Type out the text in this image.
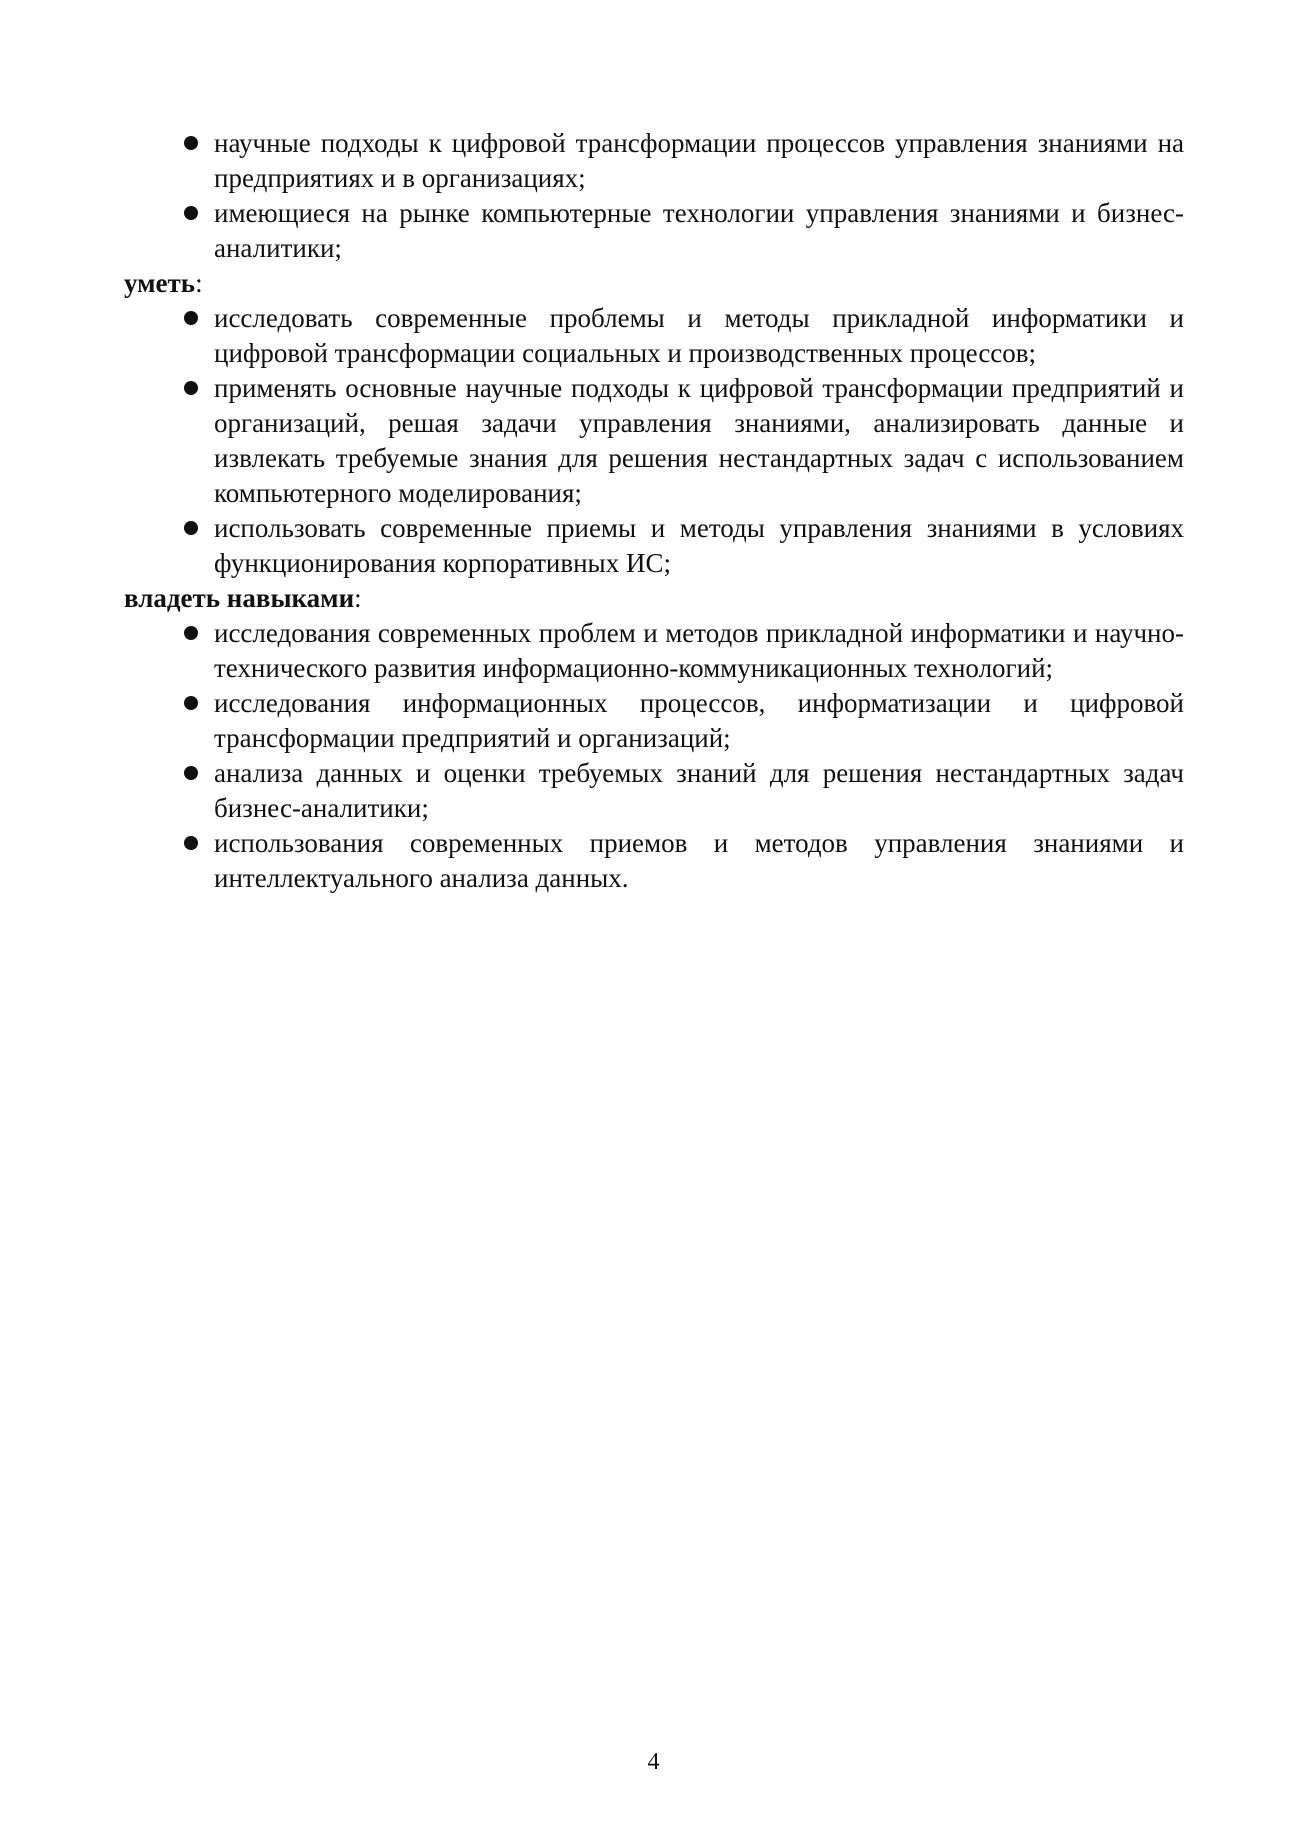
научные подходы к цифровой трансформации процессов управления знаниями на предприятиях и в организациях;
имеющиеся на рынке компьютерные технологии управления знаниями и бизнес-аналитики;

уметь:

исследовать современные проблемы и методы прикладной информатики и цифровой трансформации социальных и производственных процессов;
применять основные научные подходы к цифровой трансформации предприятий и организаций, решая задачи управления знаниями, анализировать данные и извлекать требуемые знания для решения нестандартных задач с использованием компьютерного моделирования;
использовать современные приемы и методы управления знаниями в условиях функционирования корпоративных ИС;

владеть навыками:

исследования современных проблем и методов прикладной информатики и научно-технического развития информационно-коммуникационных технологий;
исследования информационных процессов, информатизации и цифровой трансформации предприятий и организаций;
анализа данных и оценки требуемых знаний для решения нестандартных задач бизнес-аналитики;
использования современных приемов и методов управления знаниями и интеллектуального анализа данных.
4
